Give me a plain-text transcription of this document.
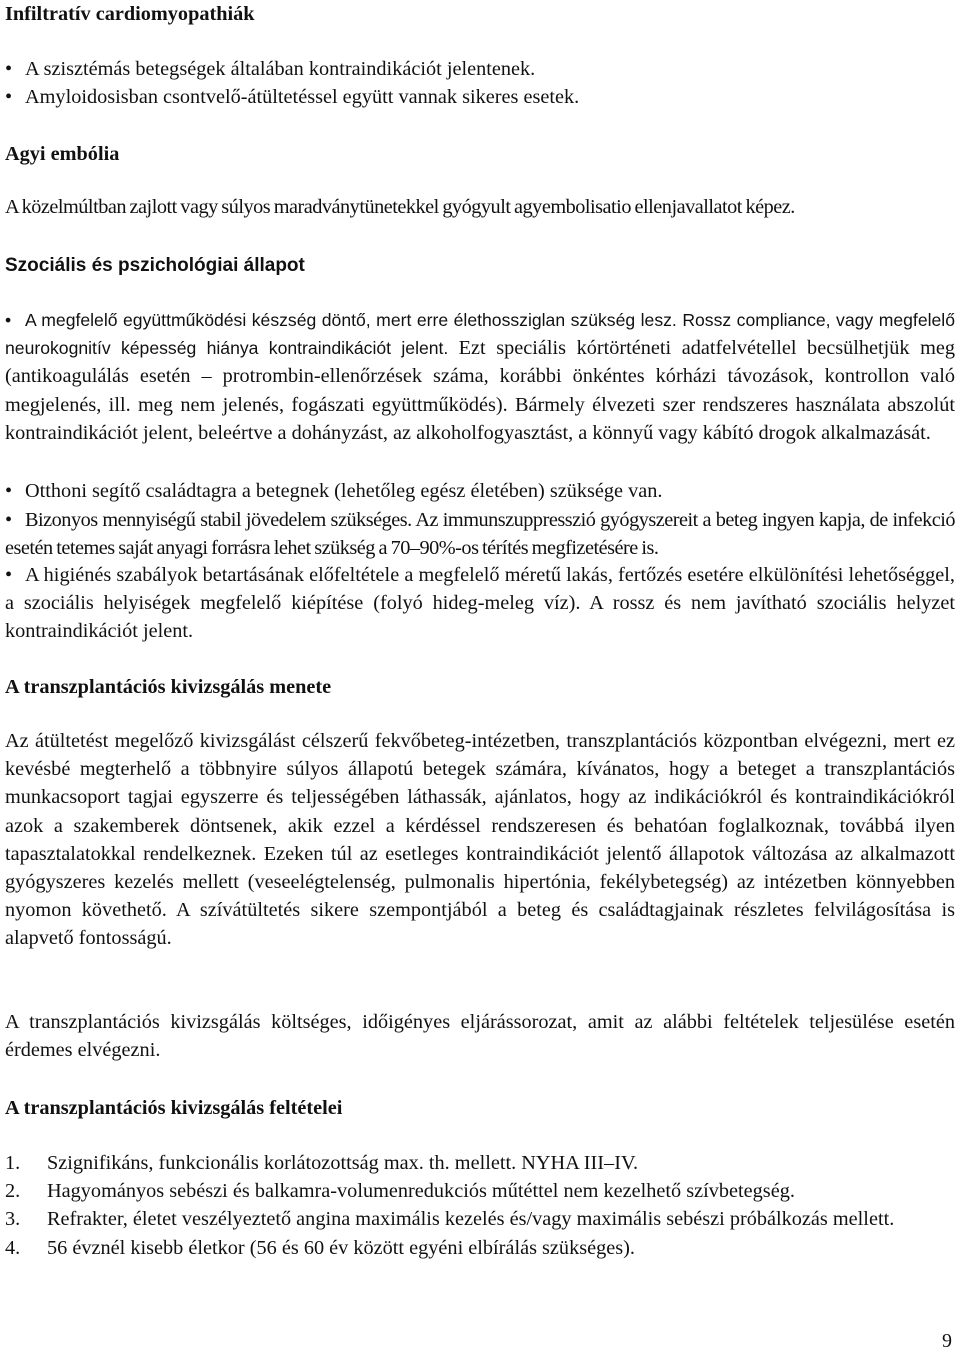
Infiltratív cardiomyopathiák
• A szisztémás betegségek általában kontraindikációt jelentenek.
• Amyloidosisban csontvelő-átültetéssel együtt vannak sikeres esetek.
Agyi embólia

A közelmúltban zajlott vagy súlyos maradványtünetekkel gyógyult agyembolisatio ellenjavallatot képez.

Szociális és pszichológiai állapot
• A megfelelő együttműködési készség döntő, mert erre élethossziglan szükség lesz. Rossz compliance, vagy megfelelő neurokognitív képesség hiánya kontraindikációt jelent. Ezt speciális kórtörténeti adatfelvétellel becsülhetjük meg (antikoagulálás esetén – protrombin-ellenőrzések száma, korábbi önkéntes kórházi távozások, kontrollon való megjelenés, ill. meg nem jelenés, fogászati együttműködés). Bármely élvezeti szer rendszeres használata abszolút kontraindikációt jelent, beleértve a dohányzást, az alkoholfogyasztást, a könnyű vagy kábító drogok alkalmazását.
• Otthoni segítő családtagra a betegnek (lehetőleg egész életében) szüksége van.
• Bizonyos mennyiségű stabil jövedelem szükséges. Az immunszuppresszió gyógyszereit a beteg ingyen kapja, de infekció esetén tetemes saját anyagi forrásra lehet szükség a 70–90%-os térítés megfizetésére is.
• A higiénés szabályok betartásának előfeltétele a megfelelő méretű lakás, fertőzés esetére elkülönítési lehetőséggel, a szociális helyiségek megfelelő kiépítése (folyó hideg-meleg víz). A rossz és nem javítható szociális helyzet kontraindikációt jelent.
A transzplantációs kivizsgálás menete

Az átültetést megelőző kivizsgálást célszerű fekvőbeteg-intézetben, transzplantációs központban elvégezni, mert ez kevésbé megterhelő a többnyire súlyos állapotú betegek számára, kívánatos, hogy a beteget a transzplantációs munkacsoport tagjai egyszerre és teljességében láthassák, ajánlatos, hogy az indikációkról és kontraindikációkról azok a szakemberek döntsenek, akik ezzel a kérdéssel rendszeresen és behatóan foglalkoznak, továbbá ilyen tapasztalatokkal rendelkeznek. Ezeken túl az esetleges kontraindikációt jelentő állapotok változása az alkalmazott gyógyszeres kezelés mellett (veseelégtelenség, pulmonalis hipertónia, fekélybetegség) az intézetben könnyebben nyomon követhető. A szívátültetés sikere szempontjából a beteg és családtagjainak részletes felvilágosítása is alapvető fontosságú.

A transzplantációs kivizsgálás költséges, időigényes eljárássorozat, amit az alábbi feltételek teljesülése esetén érdemes elvégezni.

A transzplantációs kivizsgálás feltételei
1.	Szignifikáns, funkcionális korlátozottság max. th. mellett. NYHA III–IV.
2.	Hagyományos sebészi és balkamra-volumenredukciós műtéttel nem kezelhető szívbetegség.
3.	Refrakter, életet veszélyeztető angina maximális kezelés és/vagy maximális sebészi próbálkozás mellett.
4.	56 évznél kisebb életkor (56 és 60 év között egyéni elbírálás szükséges).
9
